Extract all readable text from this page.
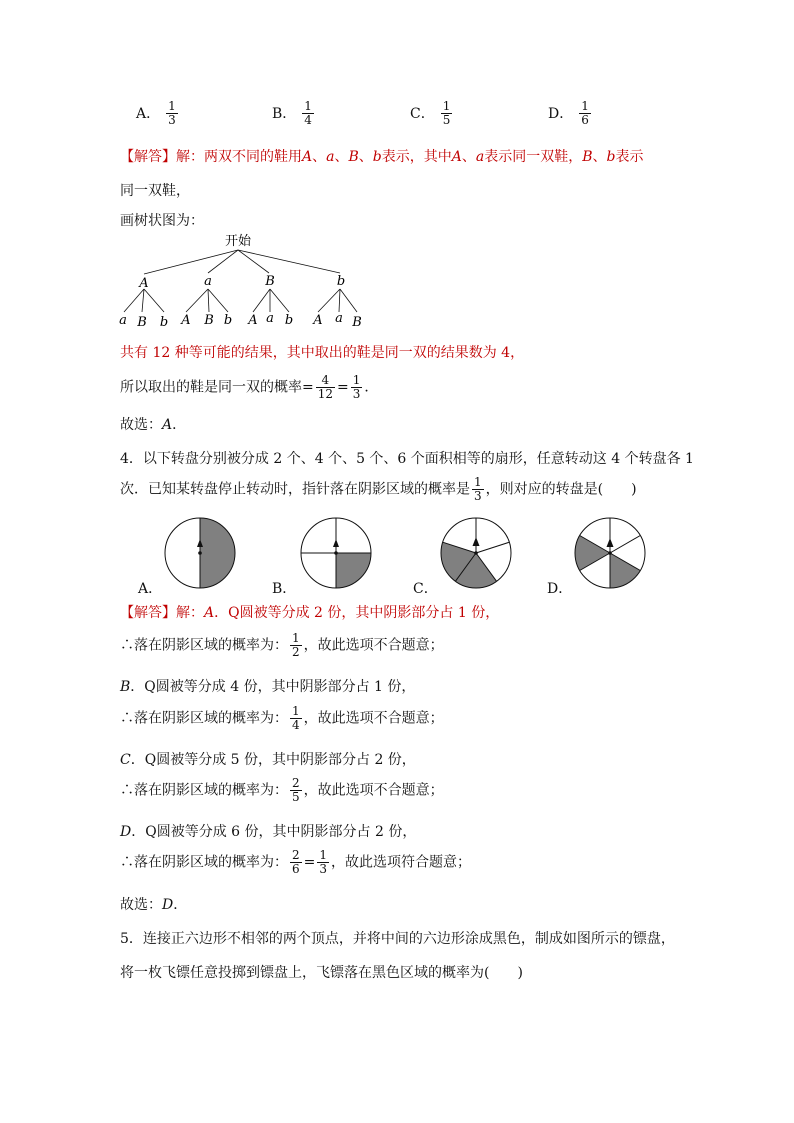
A． $\frac{1}{3}$	B． $\frac{1}{4}$	C． $\frac{1}{5}$	D． $\frac{1}{6}$
【解答】解：两双不同的鞋用A、a、B、b表示，其中A、a表示同一双鞋，B、b表示
同一双鞋，
画树状图为：
开始
A	a	B	b
a B b A B b A a b A a B
共有 12 种等可能的结果，其中取出的鞋是同一双的结果数为 4，
所以取出的鞋是同一双的概率= $\frac{4}{12} = \frac{1}{3}$ ．
故选：A．
4．以下转盘分别被分成 2 个、4 个、5 个、6 个面积相等的扇形，任意转动这 4 个转盘各 1
次．已知某转盘停止转动时，指针落在阴影区域的概率是 $\frac{1}{3}$ ，则对应的转盘是(　　)
A．	B．	C．	D．
【解答】解：A．Q圆被等分成 2 份，其中阴影部分占 1 份，
∴落在阴影区域的概率为： $\frac{1}{2}$ ，故此选项不合题意；
B．Q圆被等分成 4 份，其中阴影部分占 1 份，
∴落在阴影区域的概率为： $\frac{1}{4}$ ，故此选项不合题意；
C．Q圆被等分成 5 份，其中阴影部分占 2 份，
∴落在阴影区域的概率为： $\frac{2}{5}$ ，故此选项不合题意；
D．Q圆被等分成 6 份，其中阴影部分占 2 份，
∴落在阴影区域的概率为： $\frac{2}{6} = \frac{1}{3}$ ，故此选项符合题意；
故选：D．
5．连接正六边形不相邻的两个顶点，并将中间的六边形涂成黑色，制成如图所示的镖盘，
将一枚飞镖任意投掷到镖盘上，飞镖落在黑色区域的概率为(　　)
